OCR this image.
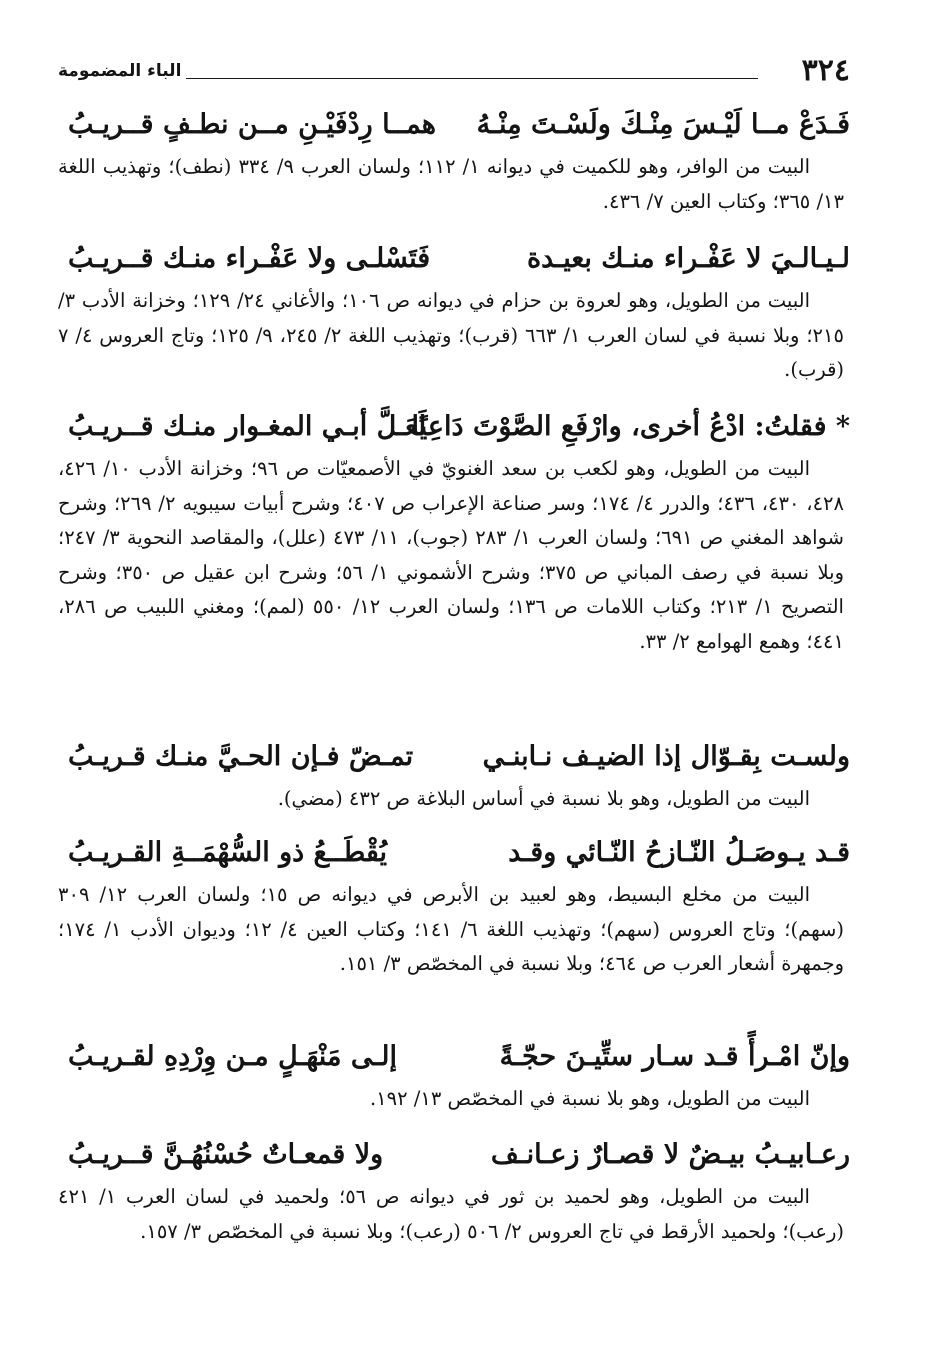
٣٢٤
الباء المضمومة
فَـدَعْ مــا لَيْـسَ مِنْـكَ ولَسْـتَ مِنْـهُ
همــا رِدْفَيْـنِ مــن نطـفٍ قــريـبُ

البيت من الوافر، وهو للكميت في ديوانه ١/ ١١٢؛ ولسان العرب ٩/ ٣٣٤ (نطف)؛ وتهذيب اللغة ١٣/ ٣٦٥؛ وكتاب العين ٧/ ٤٣٦.

لـيـالـيَ لا عَفْـراء منـك بعيـدة
فَتَسْلـى ولا عَفْـراء منـك قــريـبُ

البيت من الطويل، وهو لعروة بن حزام في ديوانه ص ١٠٦؛ والأغاني ٢٤/ ١٢٩؛ وخزانة الأدب ٣/ ٢١٥؛ وبلا نسبة في لسان العرب ١/ ٦٦٣ (قرب)؛ وتهذيب اللغة ٢/ ٢٤٥، ٩/ ١٢٥؛ وتاج العروس ٤/ ٧ (قرب).

* فقلتُ: ادْعُ أخرى، وارْفَعِ الصَّوْتَ دَاعِيًا
لَعَـلَّ أبـي المغـوار منـك قــريـبُ

البيت من الطويل، وهو لكعب بن سعد الغنويّ في الأصمعيّات ص ٩٦؛ وخزانة الأدب ١٠/ ٤٢٦، ٤٢٨، ٤٣٠، ٤٣٦؛ والدرر ٤/ ١٧٤؛ وسر صناعة الإعراب ص ٤٠٧؛ وشرح أبيات سيبويه ٢/ ٢٦٩؛ وشرح شواهد المغني ص ٦٩١؛ ولسان العرب ١/ ٢٨٣ (جوب)، ١١/ ٤٧٣ (علل)، والمقاصد النحوية ٣/ ٢٤٧؛ وبلا نسبة في رصف المباني ص ٣٧٥؛ وشرح الأشموني ١/ ٥٦؛ وشرح ابن عقيل ص ٣٥٠؛ وشرح التصريح ١/ ٢١٣؛ وكتاب اللامات ص ١٣٦؛ ولسان العرب ١٢/ ٥٥٠ (لمم)؛ ومغني اللبيب ص ٢٨٦، ٤٤١؛ وهمع الهوامع ٢/ ٣٣.

ولسـت بِقـوّال إذا الضيـف نـابنـي
تمـضّ فـإن الحـيَّ منـك قـريـبُ

البيت من الطويل، وهو بلا نسبة في أساس البلاغة ص ٤٣٢ (مضي).

قـد يـوصَـلُ النّـازحُ النّـائي وقـد
يُقْطَــعُ ذو السُّهْمَــةِ القـريـبُ

البيت من مخلع البسيط، وهو لعبيد بن الأبرص في ديوانه ص ١٥؛ ولسان العرب ١٢/ ٣٠٩ (سهم)؛ وتاج العروس (سهم)؛ وتهذيب اللغة ٦/ ١٤١؛ وكتاب العين ٤/ ١٢؛ وديوان الأدب ١/ ١٧٤؛ وجمهرة أشعار العرب ص ٤٦٤؛ وبلا نسبة في المخصّص ٣/ ١٥١.

وإنّ امْـرأً قـد سـار ستِّيـنَ حجّـةً
إلـى مَنْهَـلٍ مـن وِرْدِهِ لقـريـبُ

البيت من الطويل، وهو بلا نسبة في المخصّص ١٣/ ١٩٢.

رعـابيـبُ بيـضٌ لا قصـارٌ زعـانـف
ولا قمعـاتٌ حُسْنُهُـنَّ قــريـبُ

البيت من الطويل، وهو لحميد بن ثور في ديوانه ص ٥٦؛ ولحميد في لسان العرب ١/ ٤٢١ (رعب)؛ ولحميد الأرقط في تاج العروس ٢/ ٥٠٦ (رعب)؛ وبلا نسبة في المخصّص ٣/ ١٥٧.
